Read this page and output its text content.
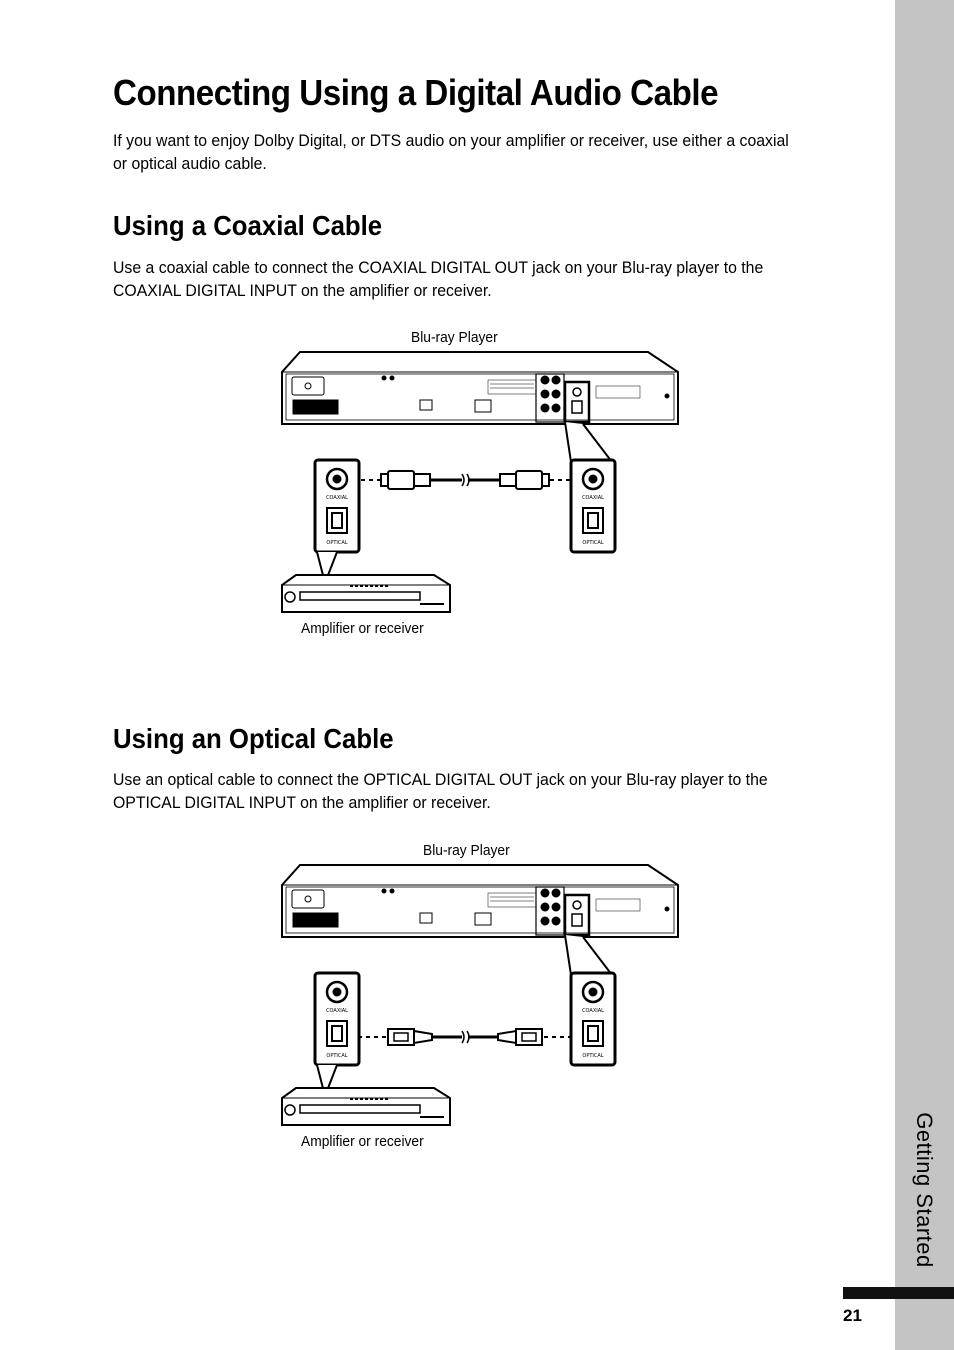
Getting Started
21
Connecting Using a Digital Audio Cable

If you want to enjoy Dolby Digital, or DTS audio on your amplifier or receiver, use either a coaxial or optical audio cable.

Using a Coaxial Cable

Use a coaxial cable to connect the COAXIAL DIGITAL OUT jack on your Blu-ray player to the COAXIAL DIGITAL INPUT on the amplifier or receiver.

Blu-ray Player
Amplifier or receiver
COAXIAL
OPTICAL
COAXIAL
OPTICAL
Using an Optical Cable

Use an optical cable to connect the OPTICAL DIGITAL OUT jack on your Blu-ray player to the OPTICAL DIGITAL INPUT on the amplifier or receiver.

Blu-ray Player
Amplifier or receiver
COAXIAL
OPTICAL
COAXIAL
OPTICAL
